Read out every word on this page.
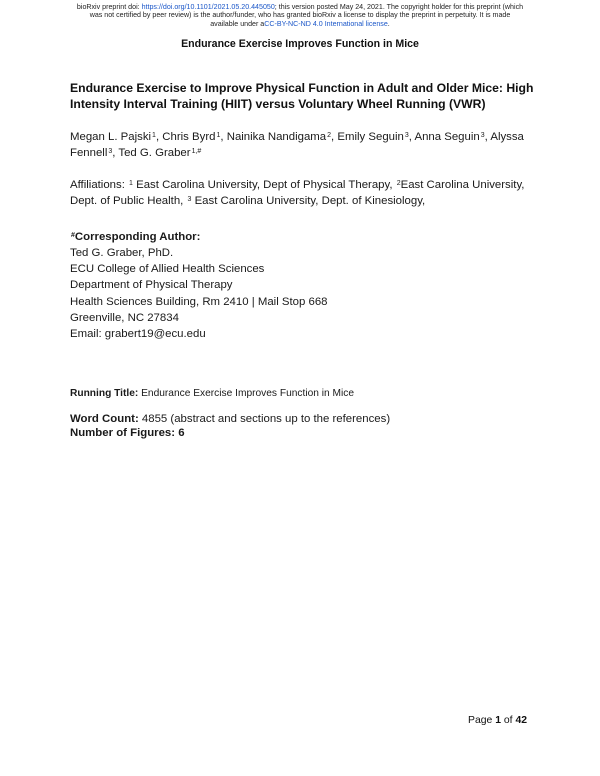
bioRxiv preprint doi: https://doi.org/10.1101/2021.05.20.445050; this version posted May 24, 2021. The copyright holder for this preprint (which
was not certified by peer review) is the author/funder, who has granted bioRxiv a license to display the preprint in perpetuity. It is made
available under aCC-BY-NC-ND 4.0 International license.
Endurance Exercise Improves Function in Mice

Endurance Exercise to Improve Physical Function in Adult and Older Mice: High Intensity Interval Training (HIIT) versus Voluntary Wheel Running (VWR)

Megan L. Pajski$^1$, Chris Byrd$^1$, Nainika Nandigama$^2$, Emily Seguin$^3$, Anna Seguin$^3$, Alyssa Fennell$^3$, Ted G. Graber$^{1,\#}$

Affiliations: $^1$ East Carolina University, Dept of Physical Therapy, $^2$East Carolina University, Dept. of Public Health, $^3$ East Carolina University, Dept. of Kinesiology,

#Corresponding Author:
Ted G. Graber, PhD.
ECU College of Allied Health Sciences
Department of Physical Therapy
Health Sciences Building, Rm 2410 | Mail Stop 668
Greenville, NC 27834
Email: grabert19@ecu.edu
Running Title: Endurance Exercise Improves Function in Mice
Word Count: 4855 (abstract and sections up to the references)
Number of Figures: 6
Page 1 of 42
